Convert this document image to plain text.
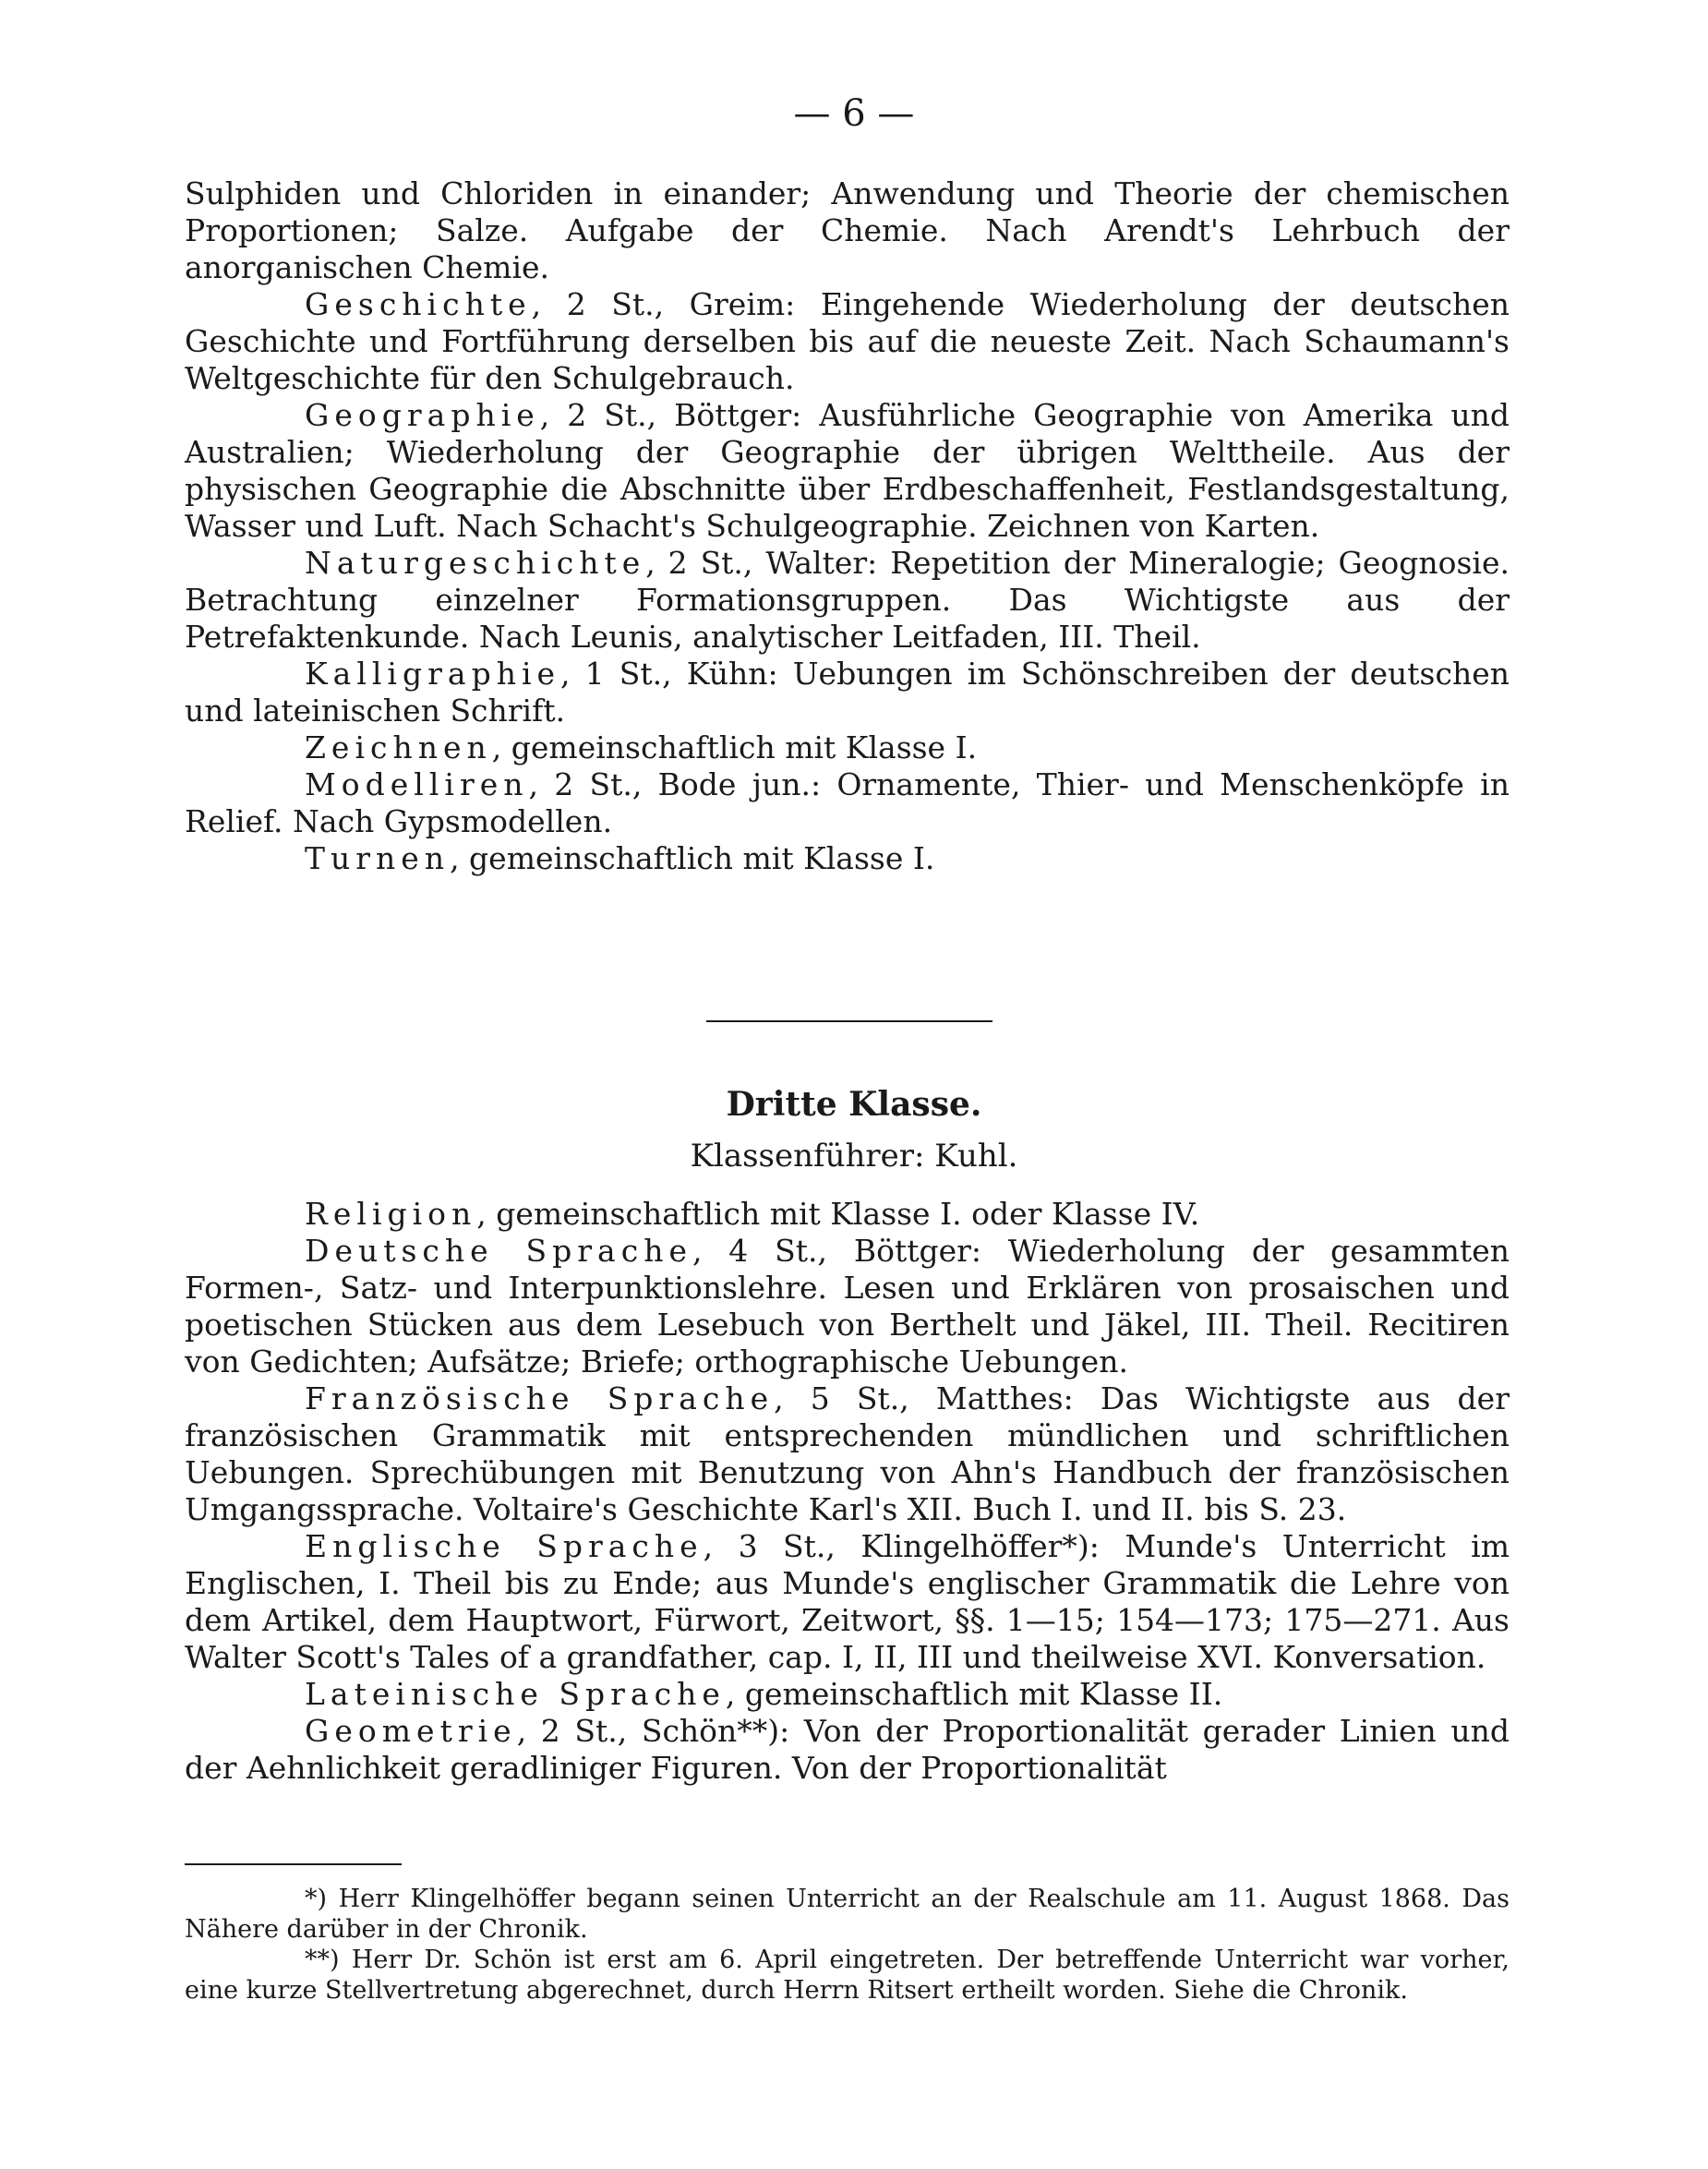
— 6 —

Sulphiden und Chloriden in einander; Anwendung und Theorie der chemischen Proportionen; Salze. Aufgabe der Chemie. Nach Arendt's Lehrbuch der anorganischen Chemie.

Geschichte, 2 St., Greim: Eingehende Wiederholung der deutschen Geschichte und Fortführung derselben bis auf die neueste Zeit. Nach Schaumann's Weltgeschichte für den Schulgebrauch.

Geographie, 2 St., Böttger: Ausführliche Geographie von Amerika und Australien; Wiederholung der Geographie der übrigen Welttheile. Aus der physischen Geographie die Abschnitte über Erdbeschaffenheit, Festlandsgestaltung, Wasser und Luft. Nach Schacht's Schulgeographie. Zeichnen von Karten.

Naturgeschichte, 2 St., Walter: Repetition der Mineralogie; Geognosie. Betrachtung einzelner Formationsgruppen. Das Wichtigste aus der Petrefaktenkunde. Nach Leunis, analytischer Leitfaden, III. Theil.

Kalligraphie, 1 St., Kühn: Uebungen im Schönschreiben der deutschen und lateinischen Schrift.

Zeichnen, gemeinschaftlich mit Klasse I.

Modelliren, 2 St., Bode jun.: Ornamente, Thier- und Menschenköpfe in Relief. Nach Gypsmodellen.

Turnen, gemeinschaftlich mit Klasse I.

Dritte Klasse.
Klassenführer: Kuhl.

Religion, gemeinschaftlich mit Klasse I. oder Klasse IV.

Deutsche Sprache, 4 St., Böttger: Wiederholung der gesammten Formen-, Satz- und Interpunktionslehre. Lesen und Erklären von prosaischen und poetischen Stücken aus dem Lesebuch von Berthelt und Jäkel, III. Theil. Recitiren von Gedichten; Aufsätze; Briefe; orthographische Uebungen.

Französische Sprache, 5 St., Matthes: Das Wichtigste aus der französischen Grammatik mit entsprechenden mündlichen und schriftlichen Uebungen. Sprechübungen mit Benutzung von Ahn's Handbuch der französischen Umgangssprache. Voltaire's Geschichte Karl's XII. Buch I. und II. bis S. 23.

Englische Sprache, 3 St., Klingelhöffer*): Munde's Unterricht im Englischen, I. Theil bis zu Ende; aus Munde's englischer Grammatik die Lehre von dem Artikel, dem Hauptwort, Fürwort, Zeitwort, §§. 1—15; 154—173; 175—271. Aus Walter Scott's Tales of a grandfather, cap. I, II, III und theilweise XVI. Konversation.

Lateinische Sprache, gemeinschaftlich mit Klasse II.

Geometrie, 2 St., Schön**): Von der Proportionalität gerader Linien und der Aehnlichkeit geradliniger Figuren. Von der Proportionalität

*) Herr Klingelhöffer begann seinen Unterricht an der Realschule am 11. August 1868. Das Nähere darüber in der Chronik.

**) Herr Dr. Schön ist erst am 6. April eingetreten. Der betreffende Unterricht war vorher, eine kurze Stellvertretung abgerechnet, durch Herrn Ritsert ertheilt worden. Siehe die Chronik.
